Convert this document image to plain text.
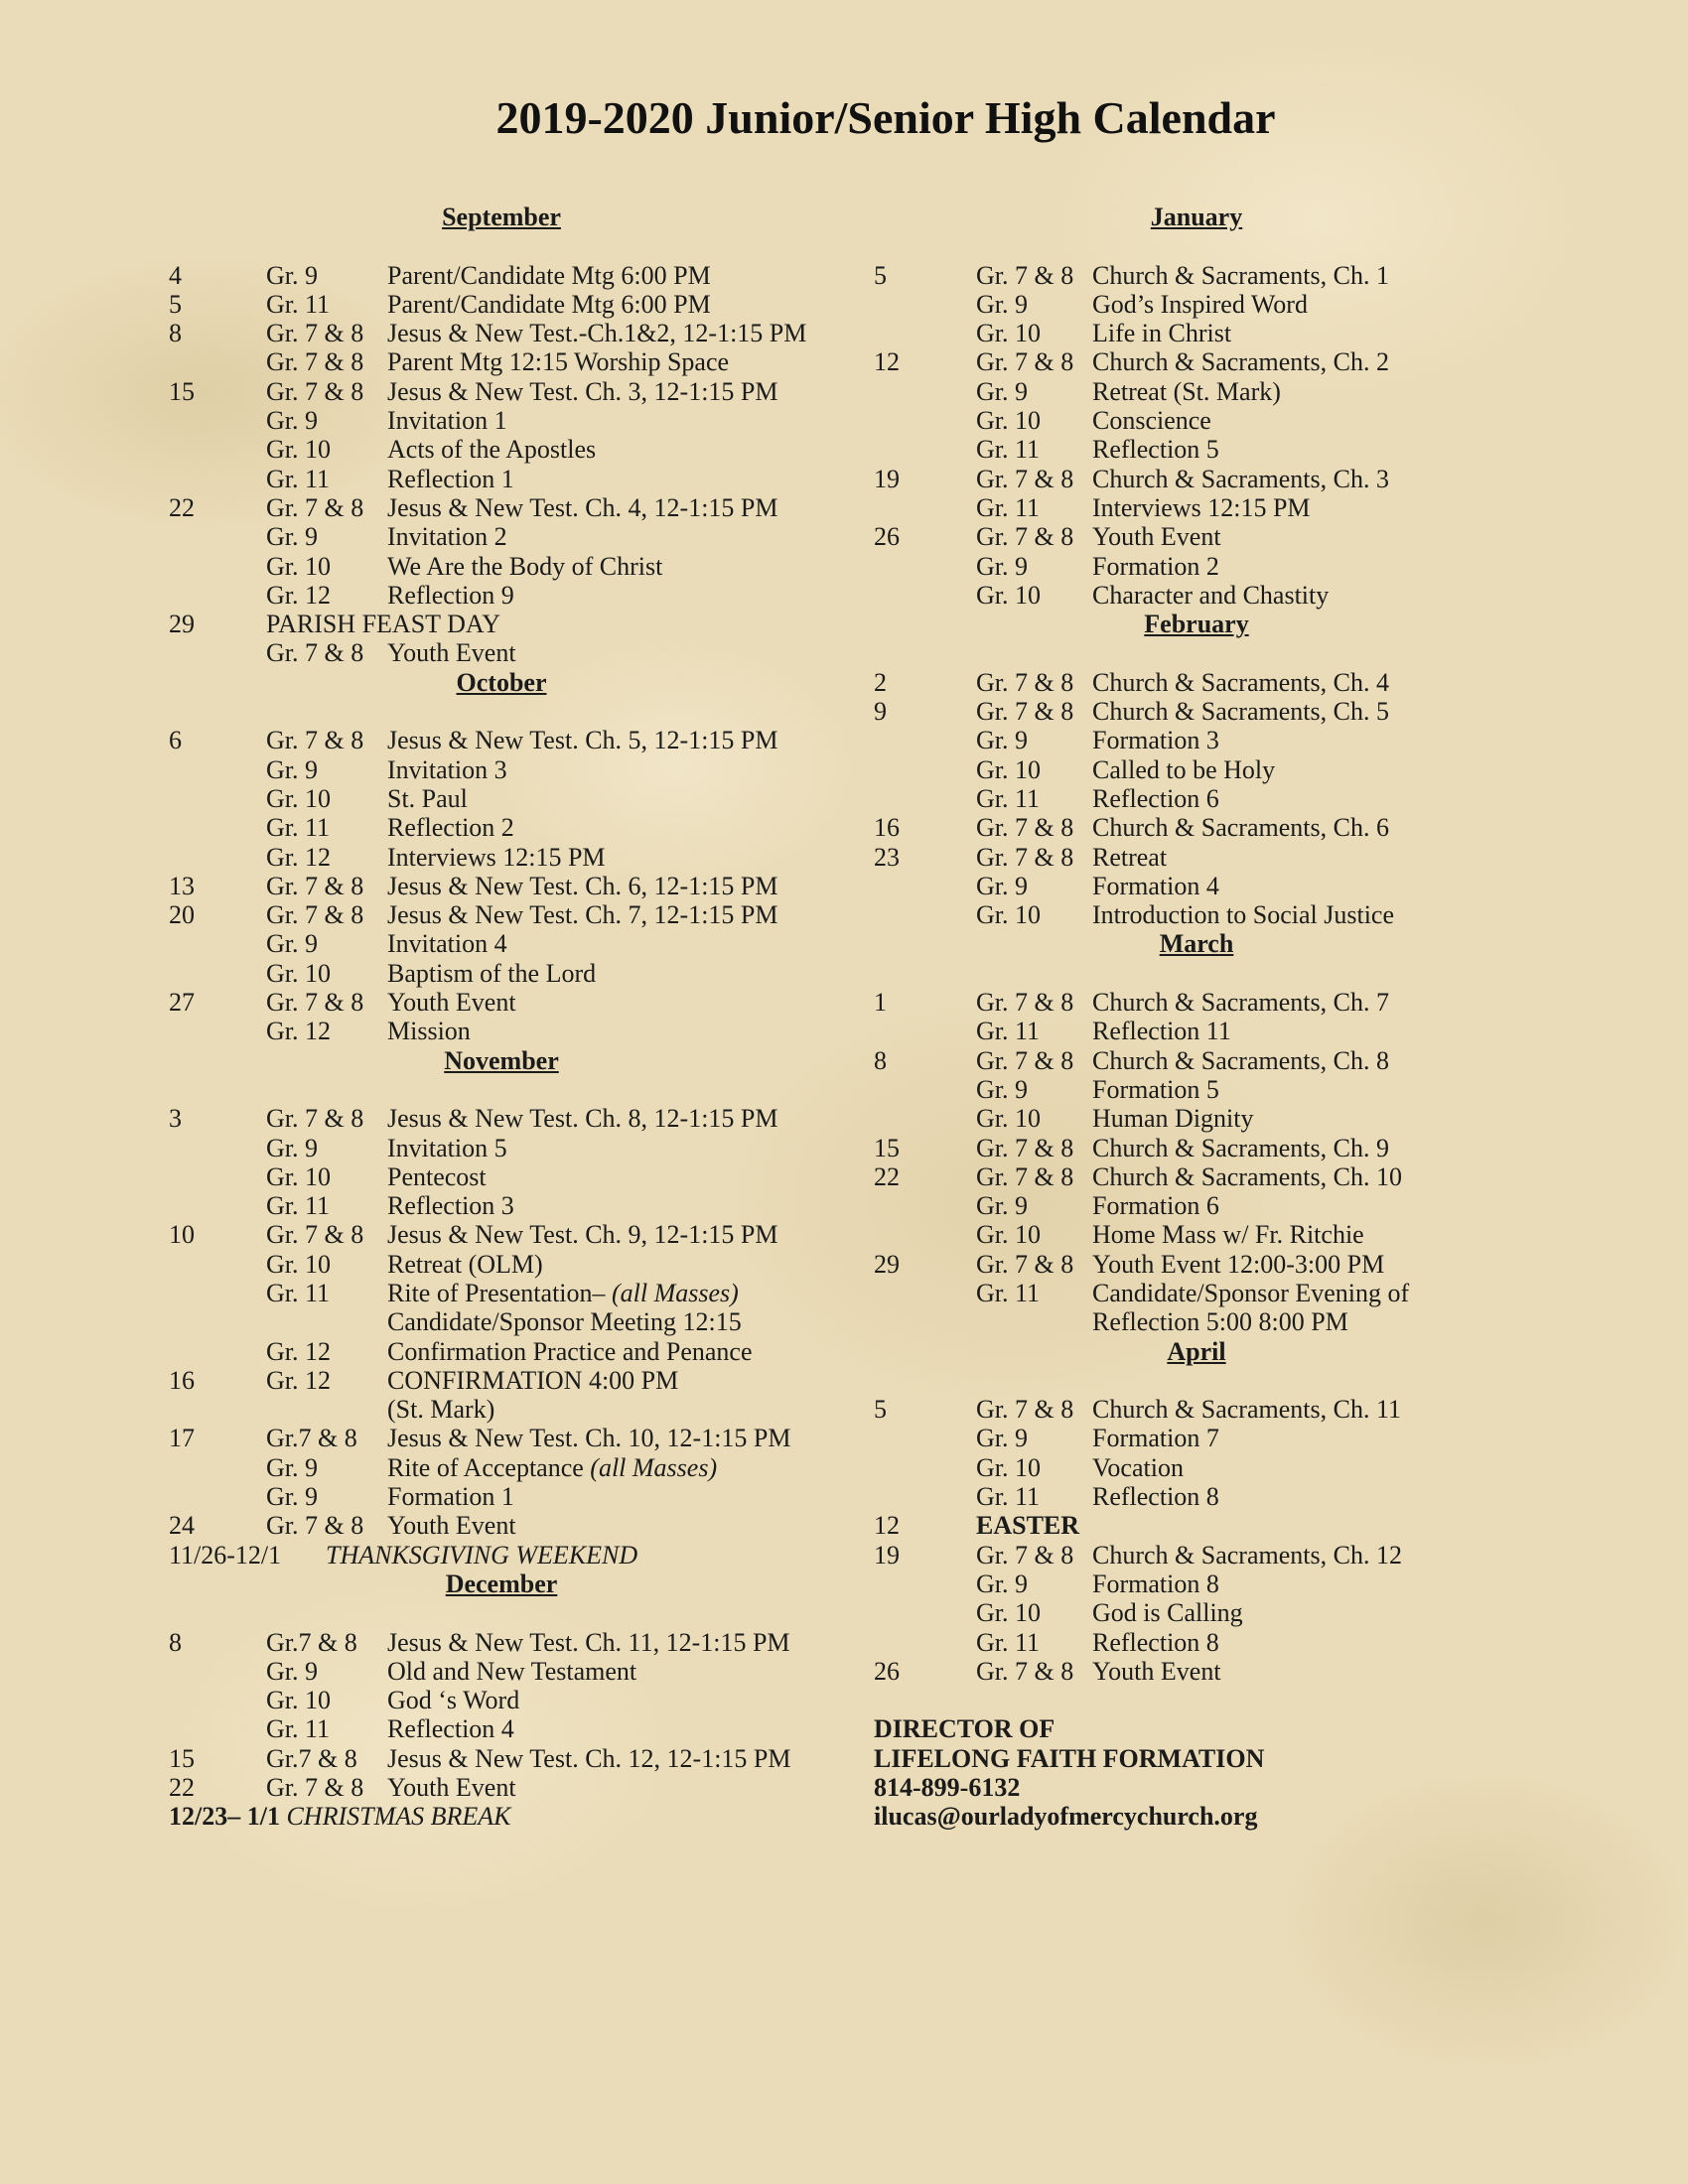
2019-2020 Junior/Senior High Calendar
September
4	Gr. 9	Parent/Candidate Mtg 6:00 PM
5	Gr. 11 Parent/Candidate Mtg 6:00 PM
8	Gr. 7 & 8 Jesus & New Test.-Ch.1&2, 12-1:15 PM
Gr. 7 & 8 Parent Mtg 12:15 Worship Space
15	Gr. 7 & 8 Jesus & New Test. Ch. 3, 12-1:15 PM
Gr. 9	Invitation 1
Gr. 10 Acts of the Apostles
Gr. 11 Reflection 1
22	Gr. 7 & 8 Jesus & New Test. Ch. 4, 12-1:15 PM
Gr. 9	Invitation 2
Gr. 10 We Are the Body of Christ
Gr. 12 Reflection 9
29	PARISH FEAST DAY
Gr. 7 & 8 Youth Event
October
6	Gr. 7 & 8 Jesus & New Test. Ch. 5, 12-1:15 PM
Gr. 9	Invitation 3
Gr. 10 St. Paul
Gr. 11 Reflection 2
Gr. 12 Interviews 12:15 PM
13	Gr. 7 & 8 Jesus & New Test. Ch. 6, 12-1:15 PM
20	Gr. 7 & 8 Jesus & New Test. Ch. 7, 12-1:15 PM
Gr. 9	Invitation 4
Gr. 10 Baptism of the Lord
27	Gr. 7 & 8 Youth Event
Gr. 12 Mission
November
3	Gr. 7 & 8 Jesus & New Test. Ch. 8, 12-1:15 PM
Gr. 9	Invitation 5
Gr. 10 Pentecost
Gr. 11 Reflection 3
10	Gr. 7 & 8 Jesus & New Test. Ch. 9, 12-1:15 PM
Gr. 10 Retreat (OLM)
Gr. 11 Rite of Presentation– (all Masses)
Candidate/Sponsor Meeting 12:15
Gr. 12 Confirmation Practice and Penance
16	Gr. 12 CONFIRMATION 4:00 PM
(St. Mark)
17	Gr.7 & 8 Jesus & New Test. Ch. 10, 12-1:15 PM
Gr. 9	Rite of Acceptance (all Masses)
Gr. 9	Formation 1
24	Gr. 7 & 8 Youth Event
11/26-12/1 THANKSGIVING WEEKEND
December
8	Gr.7 & 8 Jesus & New Test. Ch. 11, 12-1:15 PM
Gr. 9	Old and New Testament
Gr. 10 God ‘s Word
Gr. 11 Reflection 4
15	Gr.7 & 8 Jesus & New Test. Ch. 12, 12-1:15 PM
22	Gr. 7 & 8 Youth Event
12/23– 1/1 CHRISTMAS BREAK
January
5	Gr. 7 & 8 Church & Sacraments, Ch. 1
Gr. 9	God’s Inspired Word
Gr. 10 Life in Christ
12	Gr. 7 & 8 Church & Sacraments, Ch. 2
Gr. 9	Retreat (St. Mark)
Gr. 10 Conscience
Gr. 11 Reflection 5
19	Gr. 7 & 8 Church & Sacraments, Ch. 3
Gr. 11 Interviews 12:15 PM
26	Gr. 7 & 8 Youth Event
Gr. 9	Formation 2
Gr. 10 Character and Chastity
February
2	Gr. 7 & 8 Church & Sacraments, Ch. 4
9	Gr. 7 & 8 Church & Sacraments, Ch. 5
Gr. 9	Formation 3
Gr. 10 Called to be Holy
Gr. 11 Reflection 6
16	Gr. 7 & 8 Church & Sacraments, Ch. 6
23	Gr. 7 & 8 Retreat
Gr. 9	Formation 4
Gr. 10 Introduction to Social Justice
March
1	Gr. 7 & 8 Church & Sacraments, Ch. 7
Gr. 11 Reflection 11
8	Gr. 7 & 8 Church & Sacraments, Ch. 8
Gr. 9	Formation 5
Gr. 10 Human Dignity
15	Gr. 7 & 8 Church & Sacraments, Ch. 9
22	Gr. 7 & 8 Church & Sacraments, Ch. 10
Gr. 9	Formation 6
Gr. 10 Home Mass w/ Fr. Ritchie
29	Gr. 7 & 8 Youth Event 12:00-3:00 PM
Gr. 11 Candidate/Sponsor Evening of
Reflection 5:00 8:00 PM
April
5	Gr. 7 & 8 Church & Sacraments, Ch. 11
Gr. 9	Formation 7
Gr. 10 Vocation
Gr. 11 Reflection 8
12	EASTER
19	Gr. 7 & 8 Church & Sacraments, Ch. 12
Gr. 9	Formation 8
Gr. 10 God is Calling
Gr. 11 Reflection 8
26	Gr. 7 & 8 Youth Event
DIRECTOR OF
LIFELONG FAITH FORMATION
814-899-6132
ilucas@ourladyofmercychurch.org
